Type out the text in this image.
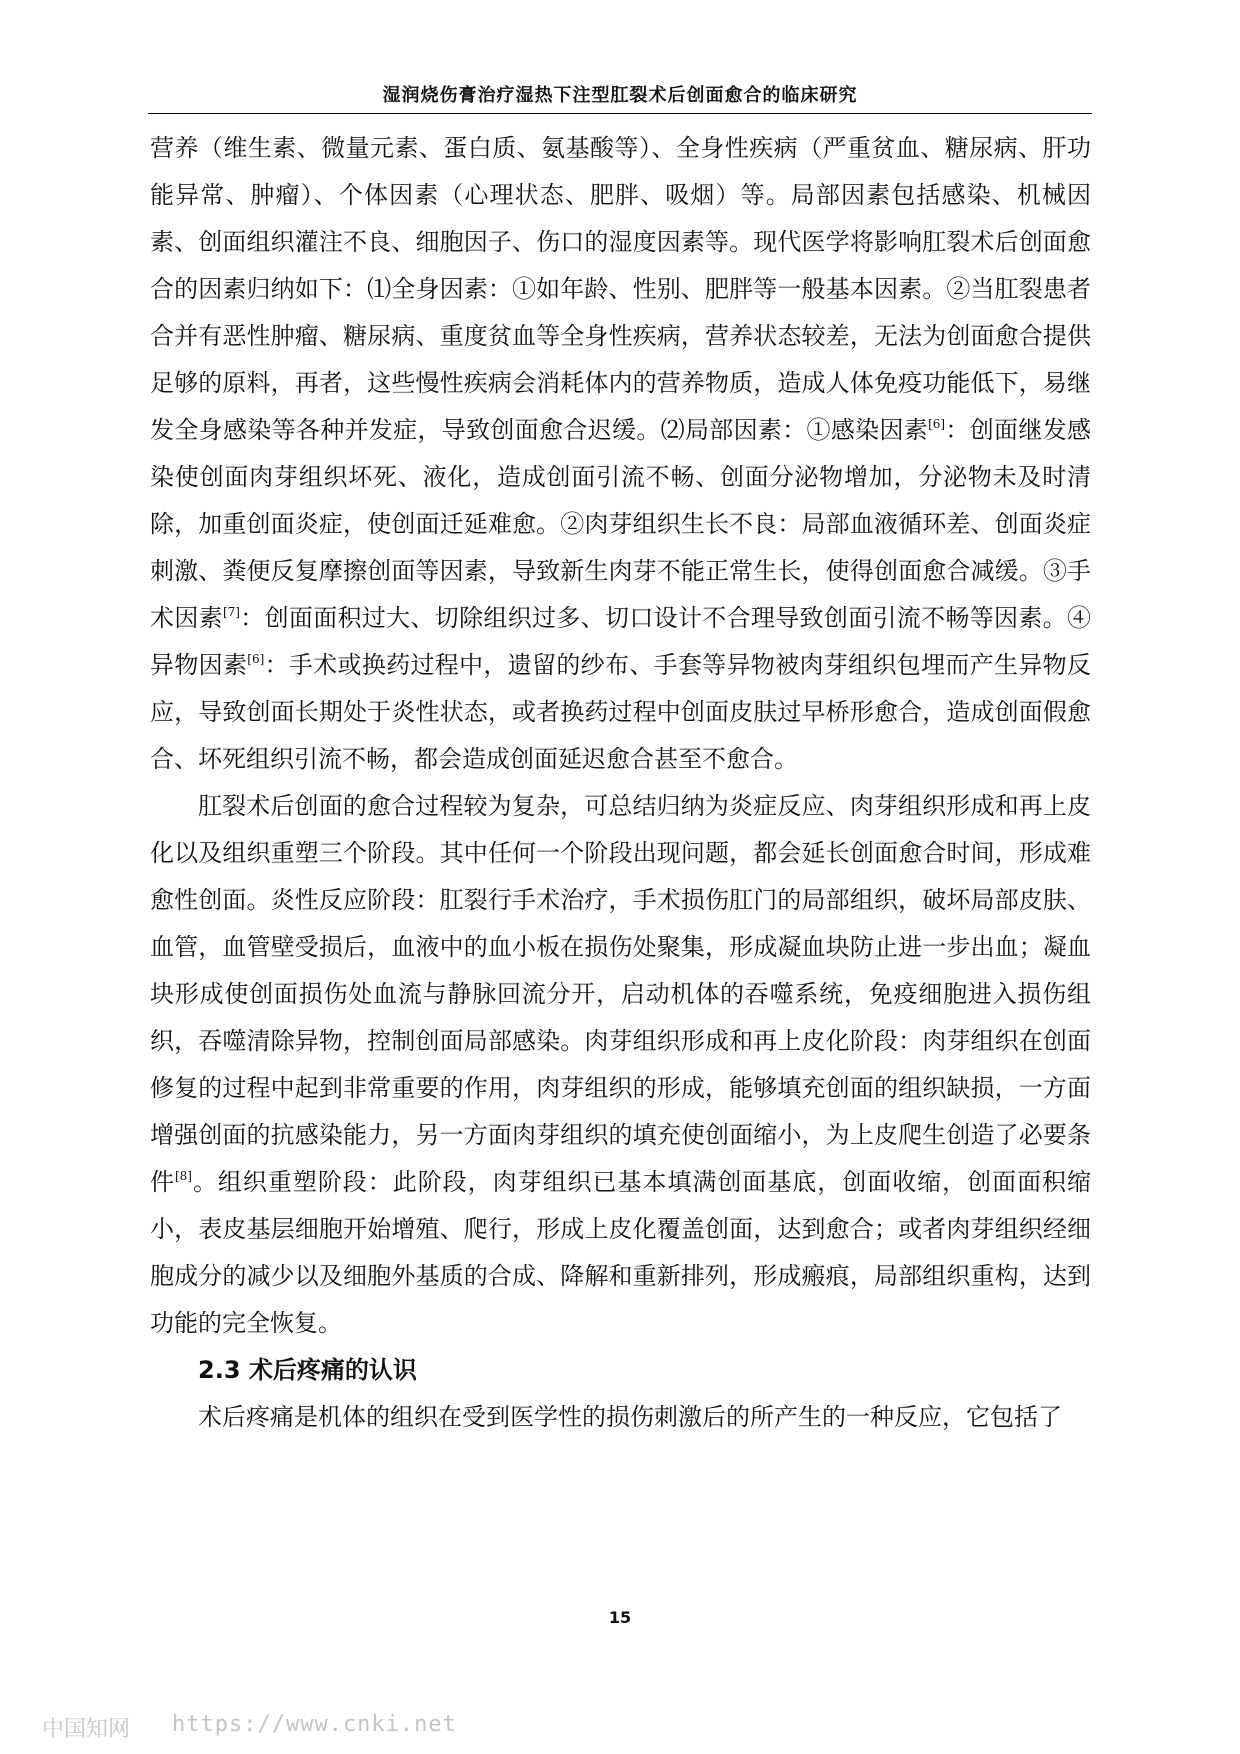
湿润烧伤膏治疗湿热下注型肛裂术后创面愈合的临床研究

营养（维生素、微量元素、蛋白质、氨基酸等）、全身性疾病（严重贫血、糖尿病、肝功能异常、肿瘤）、个体因素（心理状态、肥胖、吸烟）等。局部因素包括感染、机械因素、创面组织灌注不良、细胞因子、伤口的湿度因素等。现代医学将影响肛裂术后创面愈合的因素归纳如下：⑴全身因素：①如年龄、性别、肥胖等一般基本因素。②当肛裂患者合并有恶性肿瘤、糖尿病、重度贫血等全身性疾病，营养状态较差，无法为创面愈合提供足够的原料，再者，这些慢性疾病会消耗体内的营养物质，造成人体免疫功能低下，易继发全身感染等各种并发症，导致创面愈合迟缓。⑵局部因素：①感染因素[6]：创面继发感染使创面肉芽组织坏死、液化，造成创面引流不畅、创面分泌物增加，分泌物未及时清除，加重创面炎症，使创面迁延难愈。②肉芽组织生长不良：局部血液循环差、创面炎症刺激、粪便反复摩擦创面等因素，导致新生肉芽不能正常生长，使得创面愈合减缓。③手术因素[7]：创面面积过大、切除组织过多、切口设计不合理导致创面引流不畅等因素。④异物因素[6]：手术或换药过程中，遗留的纱布、手套等异物被肉芽组织包埋而产生异物反应，导致创面长期处于炎性状态，或者换药过程中创面皮肤过早桥形愈合，造成创面假愈合、坏死组织引流不畅，都会造成创面延迟愈合甚至不愈合。

肛裂术后创面的愈合过程较为复杂，可总结归纳为炎症反应、肉芽组织形成和再上皮化以及组织重塑三个阶段。其中任何一个阶段出现问题，都会延长创面愈合时间，形成难愈性创面。炎性反应阶段：肛裂行手术治疗，手术损伤肛门的局部组织，破坏局部皮肤、血管，血管壁受损后，血液中的血小板在损伤处聚集，形成凝血块防止进一步出血；凝血块形成使创面损伤处血流与静脉回流分开，启动机体的吞噬系统，免疫细胞进入损伤组织，吞噬清除异物，控制创面局部感染。肉芽组织形成和再上皮化阶段：肉芽组织在创面修复的过程中起到非常重要的作用，肉芽组织的形成，能够填充创面的组织缺损，一方面增强创面的抗感染能力，另一方面肉芽组织的填充使创面缩小，为上皮爬生创造了必要条件[8]。组织重塑阶段：此阶段，肉芽组织已基本填满创面基底，创面收缩，创面面积缩小，表皮基层细胞开始增殖、爬行，形成上皮化覆盖创面，达到愈合；或者肉芽组织经细胞成分的减少以及细胞外基质的合成、降解和重新排列，形成瘢痕，局部组织重构，达到功能的完全恢复。

2.3 术后疼痛的认识

术后疼痛是机体的组织在受到医学性的损伤刺激后的所产生的一种反应，它包括了

15
中国知网 https://www.cnki.net
